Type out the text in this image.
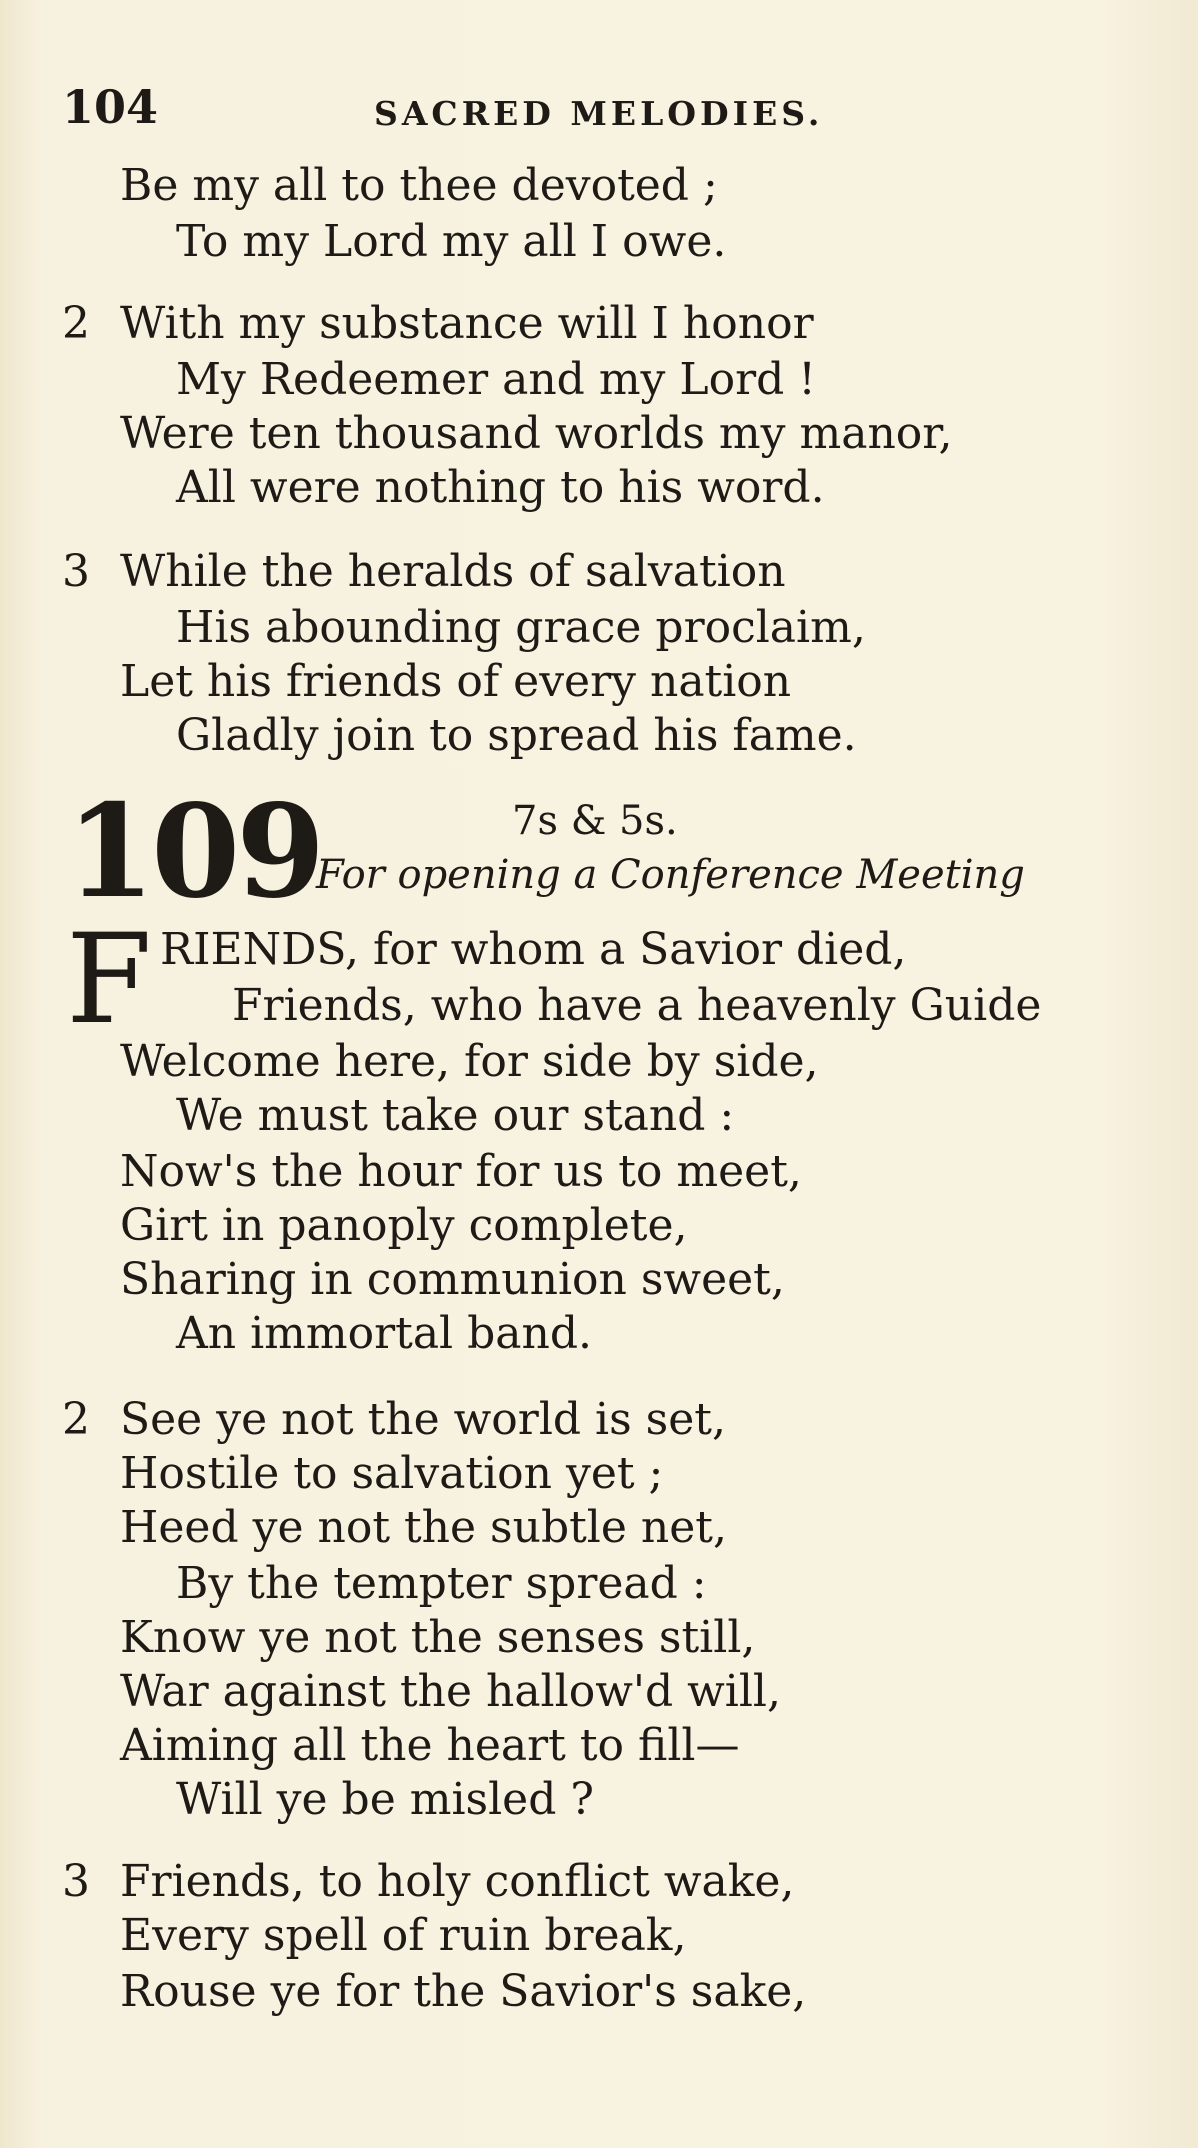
104	SACRED MELODIES.
Be my all to thee devoted ;
To my Lord my all I owe.
2 With my substance will I honor
My Redeemer and my Lord !
Were ten thousand worlds my manor,
All were nothing to his word.
3 While the heralds of salvation
His abounding grace proclaim,
Let his friends of every nation
Gladly join to spread his fame.
109	7s & 5s.
For opening a Conference Meeting
F RIENDS, for whom a Savior died,
Friends, who have a heavenly Guide
Welcome here, for side by side,
We must take our stand :
Now's the hour for us to meet,
Girt in panoply complete,
Sharing in communion sweet,
An immortal band.
2 See ye not the world is set,
Hostile to salvation yet ;
Heed ye not the subtle net,
By the tempter spread :
Know ye not the senses still,
War against the hallow'd will,
Aiming all the heart to fill—
Will ye be misled ?
3 Friends, to holy conflict wake,
Every spell of ruin break,
Rouse ye for the Savior's sake,
